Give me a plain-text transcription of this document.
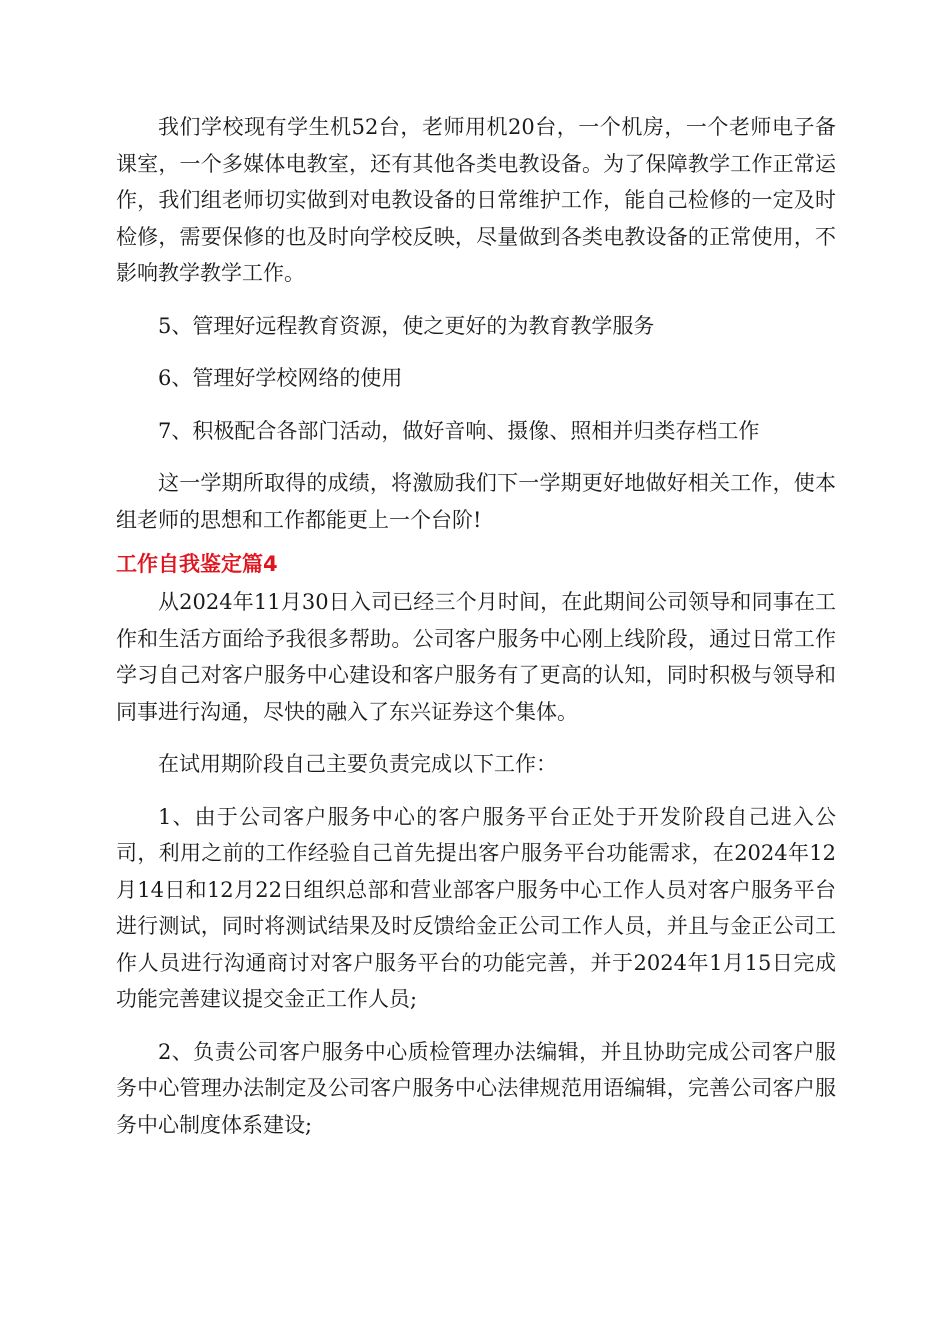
我们学校现有学生机52台，老师用机20台，一个机房，一个老师电子备课室，一个多媒体电教室，还有其他各类电教设备。为了保障教学工作正常运作，我们组老师切实做到对电教设备的日常维护工作，能自己检修的一定及时检修，需要保修的也及时向学校反映，尽量做到各类电教设备的正常使用，不影响教学教学工作。

5、管理好远程教育资源，使之更好的为教育教学服务

6、管理好学校网络的使用

7、积极配合各部门活动，做好音响、摄像、照相并归类存档工作

这一学期所取得的成绩，将激励我们下一学期更好地做好相关工作，使本组老师的思想和工作都能更上一个台阶!

工作自我鉴定篇4

从2024年11月30日入司已经三个月时间，在此期间公司领导和同事在工作和生活方面给予我很多帮助。公司客户服务中心刚上线阶段，通过日常工作学习自己对客户服务中心建设和客户服务有了更高的认知，同时积极与领导和同事进行沟通，尽快的融入了东兴证券这个集体。

在试用期阶段自己主要负责完成以下工作：

1、由于公司客户服务中心的客户服务平台正处于开发阶段自己进入公司，利用之前的工作经验自己首先提出客户服务平台功能需求，在2024年12月14日和12月22日组织总部和营业部客户服务中心工作人员对客户服务平台进行测试，同时将测试结果及时反馈给金正公司工作人员，并且与金正公司工作人员进行沟通商讨对客户服务平台的功能完善，并于2024年1月15日完成功能完善建议提交金正工作人员;

2、负责公司客户服务中心质检管理办法编辑，并且协助完成公司客户服务中心管理办法制定及公司客户服务中心法律规范用语编辑，完善公司客户服务中心制度体系建设;
